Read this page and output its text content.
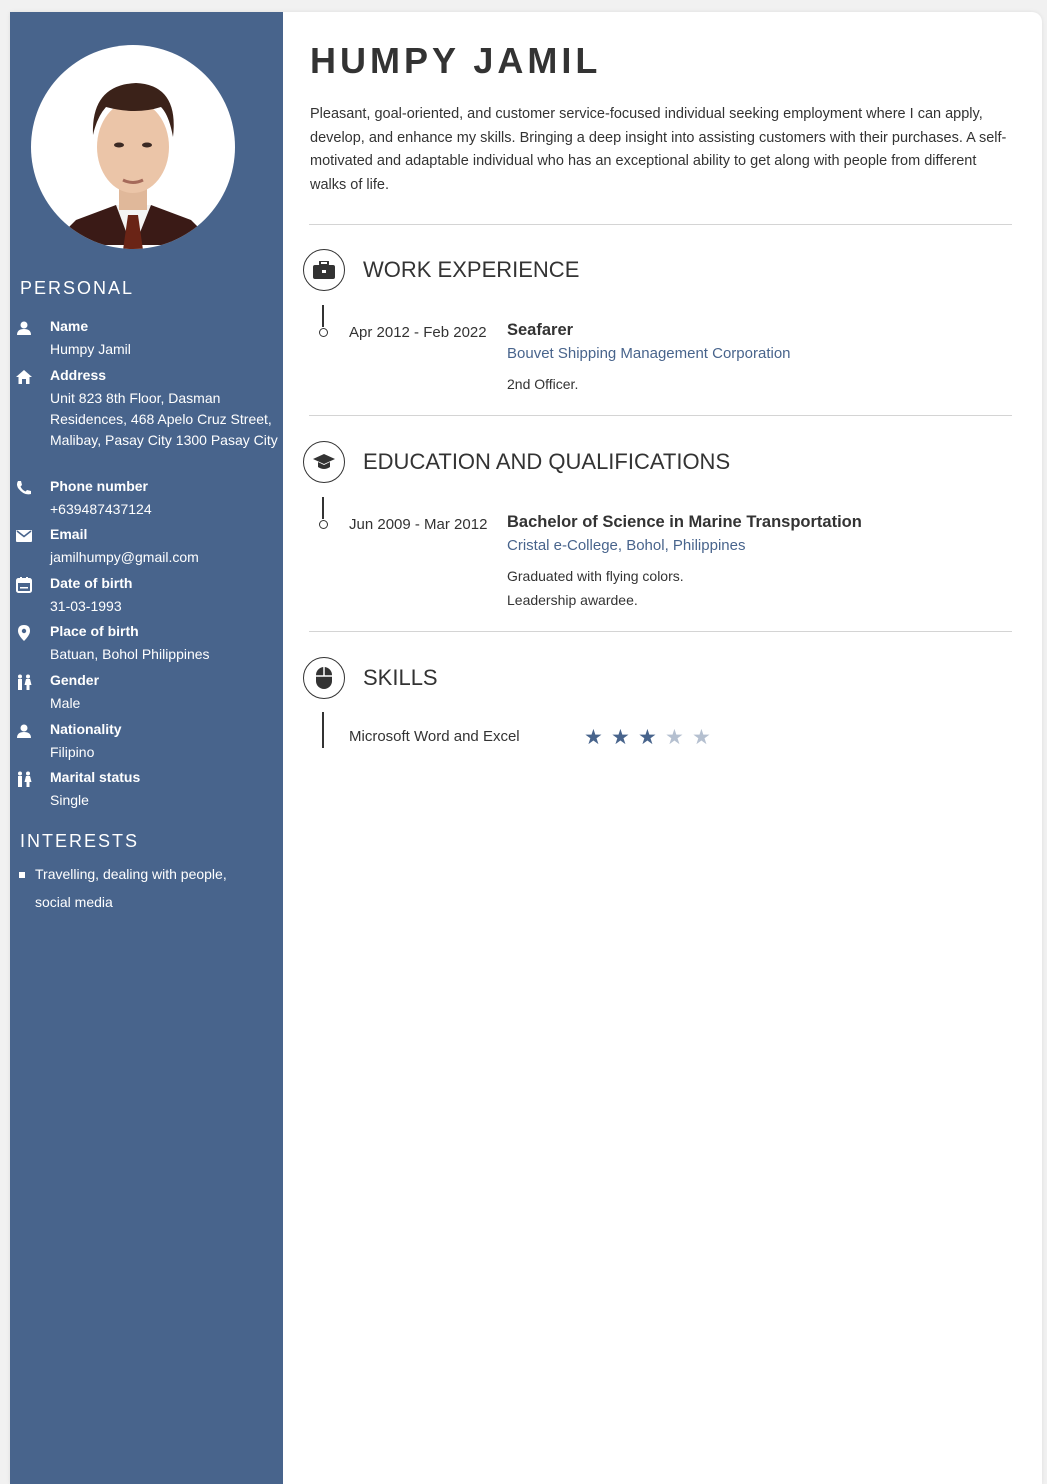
PERSONAL
Name
Humpy Jamil
Address
Unit 823 8th Floor, Dasman Residences, 468 Apelo Cruz Street, Malibay, Pasay City 1300 Pasay City
Phone number
+639487437124
Email
jamilhumpy@gmail.com
Date of birth
31-03-1993
Place of birth
Batuan, Bohol Philippines
Gender
Male
Nationality
Filipino
Marital status
Single
INTERESTS
Travelling, dealing with people, social media
HUMPY JAMIL
Pleasant, goal-oriented, and customer service-focused individual seeking employment where I can apply, develop, and enhance my skills. Bringing a deep insight into assisting customers with their purchases. A self-motivated and adaptable individual who has an exceptional ability to get along with people from different walks of life.
WORK EXPERIENCE
Apr 2012 - Feb 2022 Seafarer
Bouvet Shipping Management Corporation
2nd Officer.
EDUCATION AND QUALIFICATIONS
Jun 2009 - Mar 2012 Bachelor of Science in Marine Transportation
Cristal e-College, Bohol, Philippines
Graduated with flying colors.
Leadership awardee.
SKILLS
Microsoft Word and Excel	★ ★ ★ ★ ★
